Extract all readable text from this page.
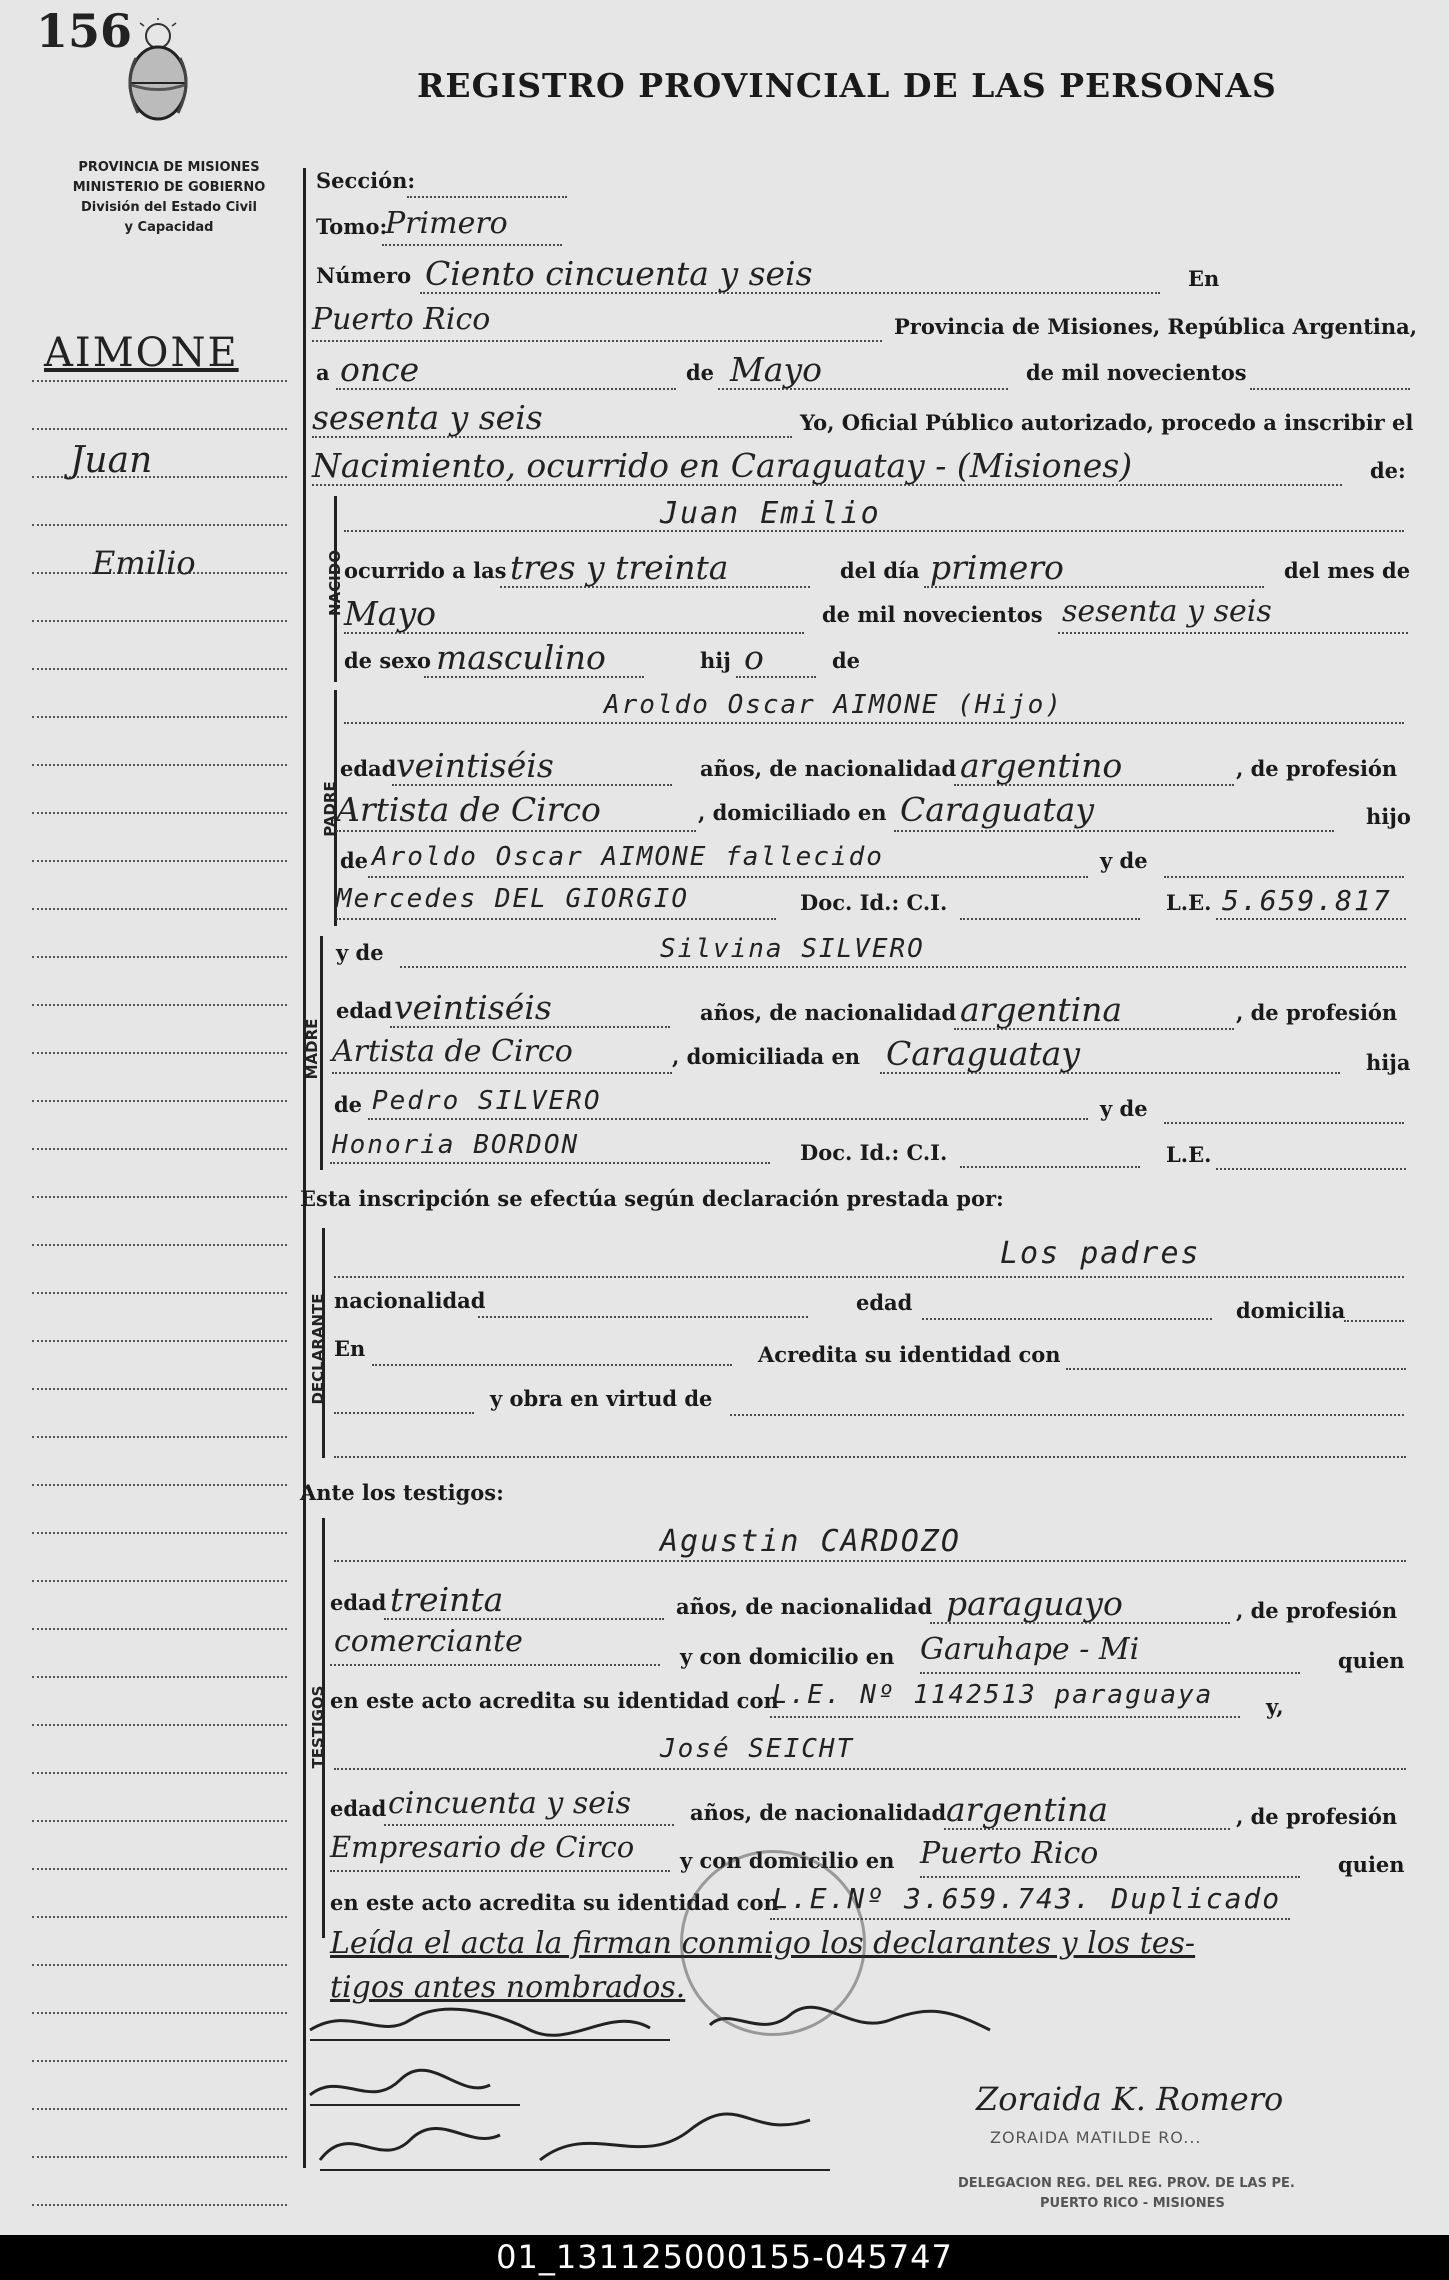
156
REGISTRO PROVINCIAL DE LAS PERSONAS
PROVINCIA DE MISIONES
MINISTERIO DE GOBIERNO
División del Estado Civil
y Capacidad
AIMONE
Juan
Emilio
Sección:
Tomo:
Primero
Número Ciento cincuenta y seis	En
Puerto Rico	Provincia de Misiones, República Argentina,
a once	de Mayo	de mil novecientos
sesenta y seis	Yo, Oficial Público autorizado, procedo a inscribir el
Nacimiento, ocurrido en Caraguatay - (Misiones)	de:
NACIDO
Juan Emilio
ocurrido a las tres y treinta	del día primero	del mes de
Mayo	de mil novecientos sesenta y seis
de sexo masculino	hij o	de
PADRE
Aroldo Oscar AIMONE (Hijo)
edad veintiséis	años, de nacionalidad argentino	, de profesión
Artista de Circo	, domiciliado en Caraguatay	hijo
de Aroldo Oscar AIMONE fallecido	y de
Mercedes DEL GIORGIO	Doc. Id.: C.I.	L.E. 5.659.817
y de	Silvina SILVERO
MADRE
edad veintiséis	años, de nacionalidad argentina	, de profesión
Artista de Circo	, domiciliada en Caraguatay	hija
de Pedro SILVERO	y de
Honoria BORDON	Doc. Id.: C.I.	L.E.
Esta inscripción se efectúa según declaración prestada por:
DECLARANTE
Los padres
nacionalidad	edad	domicilia
En	Acredita su identidad con
y obra en virtud de
Ante los testigos:
TESTIGOS
Agustin CARDOZO
edad treinta	años, de nacionalidad paraguayo	, de profesión
comerciante	y con domicilio en Garuhape - Mi	quien
en este acto acredita su identidad con
L.E. Nº 1142513 paraguaya	y,
José SEICHT
edad cincuenta y seis	años, de nacionalidad argentina	, de profesión
Empresario de Circo y con domicilio en Puerto Rico	quien
en este acto acredita su identidad con
L.E.Nº 3.659.743. Duplicado
Leída el acta la firman conmigo los declarantes y los tes-
tigos antes nombrados.
Zoraida K. Romero
ZORAIDA MATILDE RO...
DELEGACION REG. DEL REG. PROV. DE LAS PE.
PUERTO RICO - MISIONES
01_131125000155-045747
